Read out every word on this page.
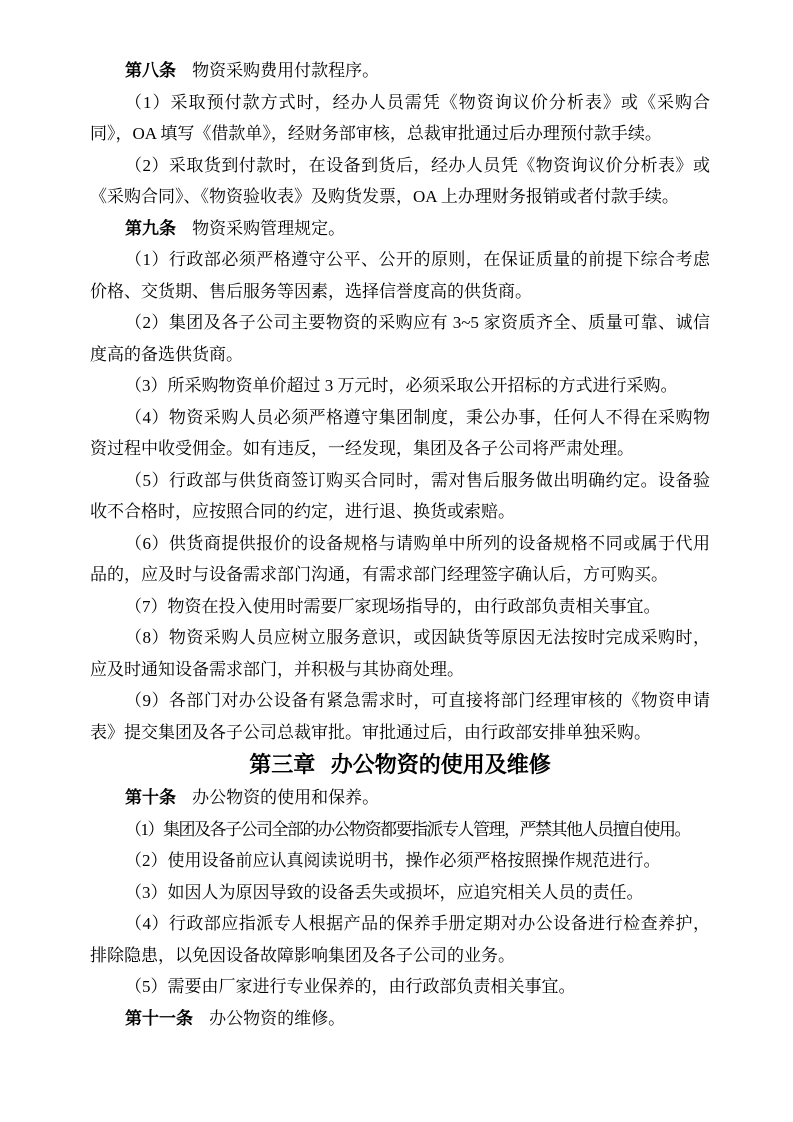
第八条 物资采购费用付款程序。

（1）采取预付款方式时，经办人员需凭《物资询议价分析表》或《采购合同》，OA 填写《借款单》，经财务部审核，总裁审批通过后办理预付款手续。

（2）采取货到付款时，在设备到货后，经办人员凭《物资询议价分析表》或《采购合同》、《物资验收表》及购货发票，OA 上办理财务报销或者付款手续。

第九条 物资采购管理规定。

（1）行政部必须严格遵守公平、公开的原则，在保证质量的前提下综合考虑价格、交货期、售后服务等因素，选择信誉度高的供货商。

（2）集团及各子公司主要物资的采购应有 3~5 家资质齐全、质量可靠、诚信度高的备选供货商。

（3）所采购物资单价超过 3 万元时，必须采取公开招标的方式进行采购。

（4）物资采购人员必须严格遵守集团制度，秉公办事，任何人不得在采购物资过程中收受佣金。如有违反，一经发现，集团及各子公司将严肃处理。

（5）行政部与供货商签订购买合同时，需对售后服务做出明确约定。设备验收不合格时，应按照合同的约定，进行退、换货或索赔。

（6）供货商提供报价的设备规格与请购单中所列的设备规格不同或属于代用品的，应及时与设备需求部门沟通，有需求部门经理签字确认后，方可购买。

（7）物资在投入使用时需要厂家现场指导的，由行政部负责相关事宜。

（8）物资采购人员应树立服务意识，或因缺货等原因无法按时完成采购时，应及时通知设备需求部门，并积极与其协商处理。

（9）各部门对办公设备有紧急需求时，可直接将部门经理审核的《物资申请表》提交集团及各子公司总裁审批。审批通过后，由行政部安排单独采购。

第三章 办公物资的使用及维修

第十条 办公物资的使用和保养。

（1）集团及各子公司全部的办公物资都要指派专人管理，严禁其他人员擅自使用。

（2）使用设备前应认真阅读说明书，操作必须严格按照操作规范进行。

（3）如因人为原因导致的设备丢失或损坏，应追究相关人员的责任。

（4）行政部应指派专人根据产品的保养手册定期对办公设备进行检查养护，排除隐患，以免因设备故障影响集团及各子公司的业务。

（5）需要由厂家进行专业保养的，由行政部负责相关事宜。

第十一条 办公物资的维修。
